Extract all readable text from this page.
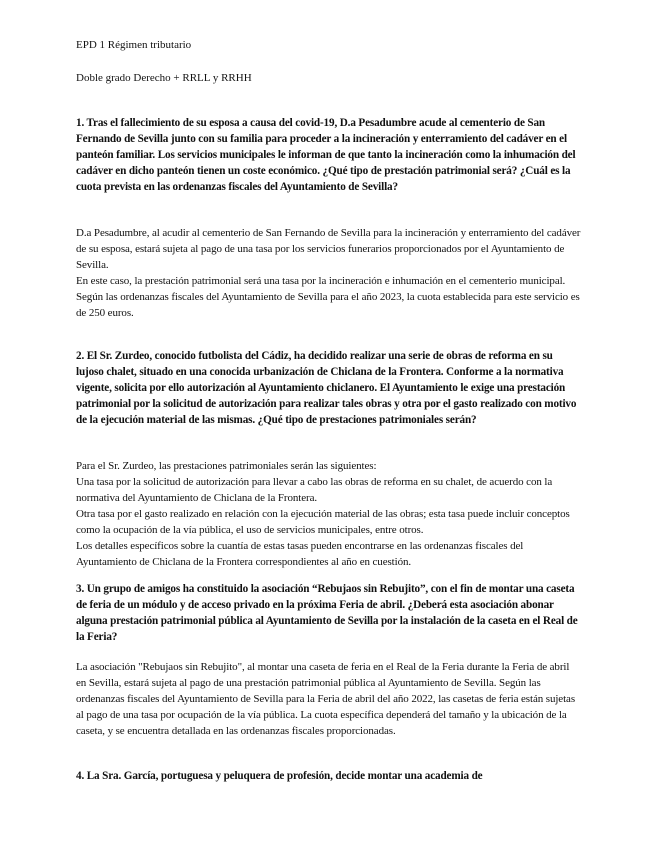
EPD 1 Régimen tributario
Doble grado Derecho + RRLL y RRHH
1. Tras el fallecimiento de su esposa a causa del covid-19, D.a Pesadumbre acude al cementerio de San Fernando de Sevilla junto con su familia para proceder a la incineración y enterramiento del cadáver en el panteón familiar. Los servicios municipales le informan de que tanto la incineración como la inhumación del cadáver en dicho panteón tienen un coste económico. ¿Qué tipo de prestación patrimonial será? ¿Cuál es la cuota prevista en las ordenanzas fiscales del Ayuntamiento de Sevilla?

D.a Pesadumbre, al acudir al cementerio de San Fernando de Sevilla para la incineración y enterramiento del cadáver de su esposa, estará sujeta al pago de una tasa por los servicios funerarios proporcionados por el Ayuntamiento de Sevilla.

En este caso, la prestación patrimonial será una tasa por la incineración e inhumación en el cementerio municipal.

Según las ordenanzas fiscales del Ayuntamiento de Sevilla para el año 2023, la cuota establecida para este servicio es de 250 euros.

2. El Sr. Zurdeo, conocido futbolista del Cádiz, ha decidido realizar una serie de obras de reforma en su lujoso chalet, situado en una conocida urbanización de Chiclana de la Frontera. Conforme a la normativa vigente, solicita por ello autorización al Ayuntamiento chiclanero. El Ayuntamiento le exige una prestación patrimonial por la solicitud de autorización para realizar tales obras y otra por el gasto realizado con motivo de la ejecución material de las mismas. ¿Qué tipo de prestaciones patrimoniales serán?

Para el Sr. Zurdeo, las prestaciones patrimoniales serán las siguientes:

Una tasa por la solicitud de autorización para llevar a cabo las obras de reforma en su chalet, de acuerdo con la normativa del Ayuntamiento de Chiclana de la Frontera.

Otra tasa por el gasto realizado en relación con la ejecución material de las obras; esta tasa puede incluir conceptos como la ocupación de la vía pública, el uso de servicios municipales, entre otros.

Los detalles específicos sobre la cuantía de estas tasas pueden encontrarse en las ordenanzas fiscales del Ayuntamiento de Chiclana de la Frontera correspondientes al año en cuestión.

3. Un grupo de amigos ha constituido la asociación “Rebujaos sin Rebujito”, con el fin de montar una caseta de feria de un módulo y de acceso privado en la próxima Feria de abril. ¿Deberá esta asociación abonar alguna prestación patrimonial pública al Ayuntamiento de Sevilla por la instalación de la caseta en el Real de la Feria?

La asociación "Rebujaos sin Rebujito", al montar una caseta de feria en el Real de la Feria durante la Feria de abril en Sevilla, estará sujeta al pago de una prestación patrimonial pública al Ayuntamiento de Sevilla. Según las ordenanzas fiscales del Ayuntamiento de Sevilla para la Feria de abril del año 2022, las casetas de feria están sujetas al pago de una tasa por ocupación de la vía pública. La cuota específica dependerá del tamaño y la ubicación de la caseta, y se encuentra detallada en las ordenanzas fiscales proporcionadas.

4. La Sra. García, portuguesa y peluquera de profesión, decide montar una academia de
